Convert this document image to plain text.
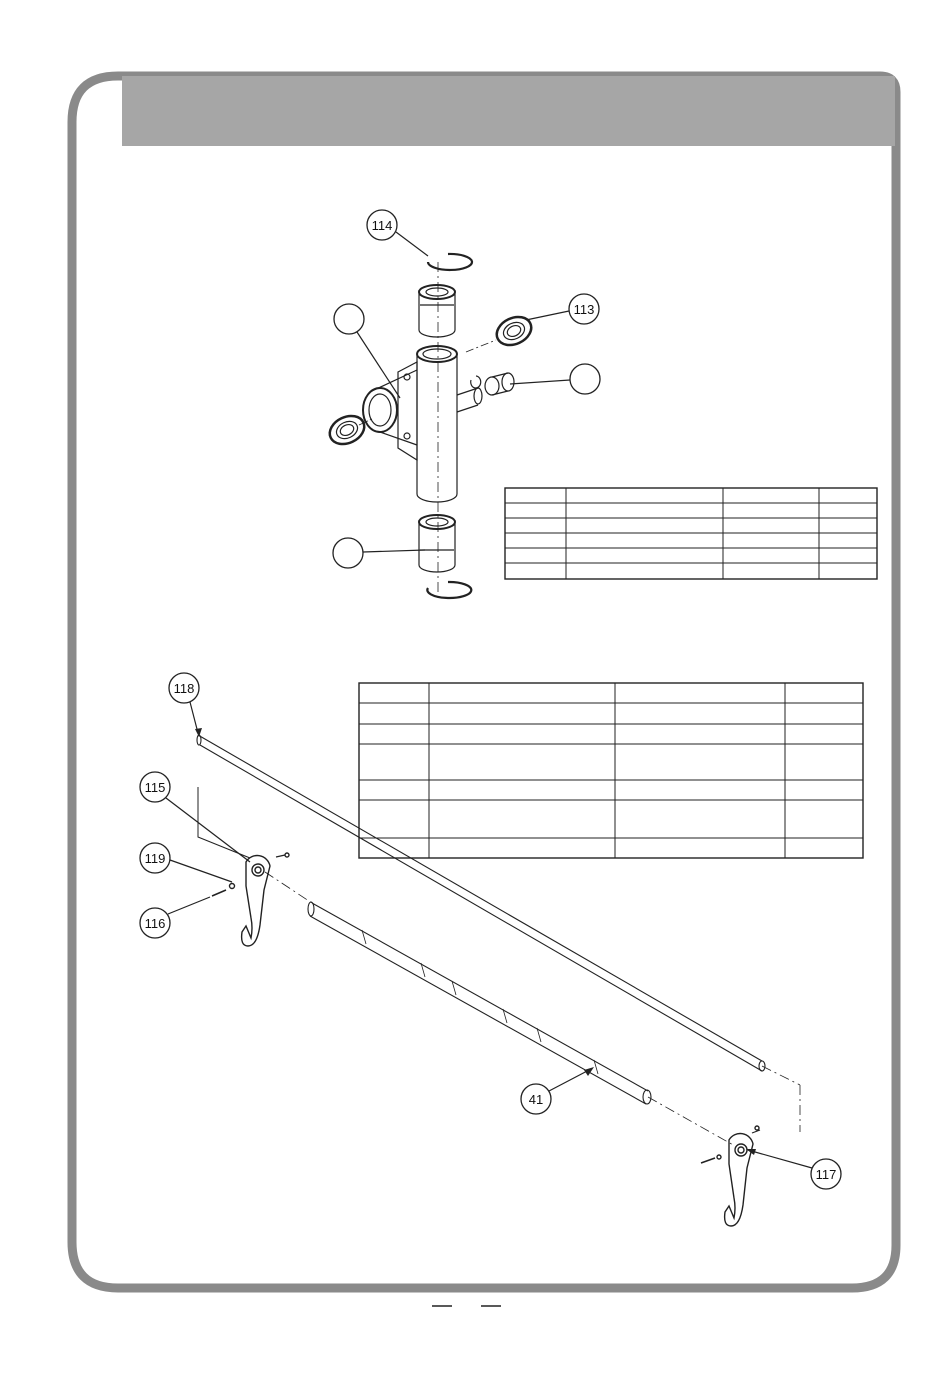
114
113
118
115
119
116
41
117
